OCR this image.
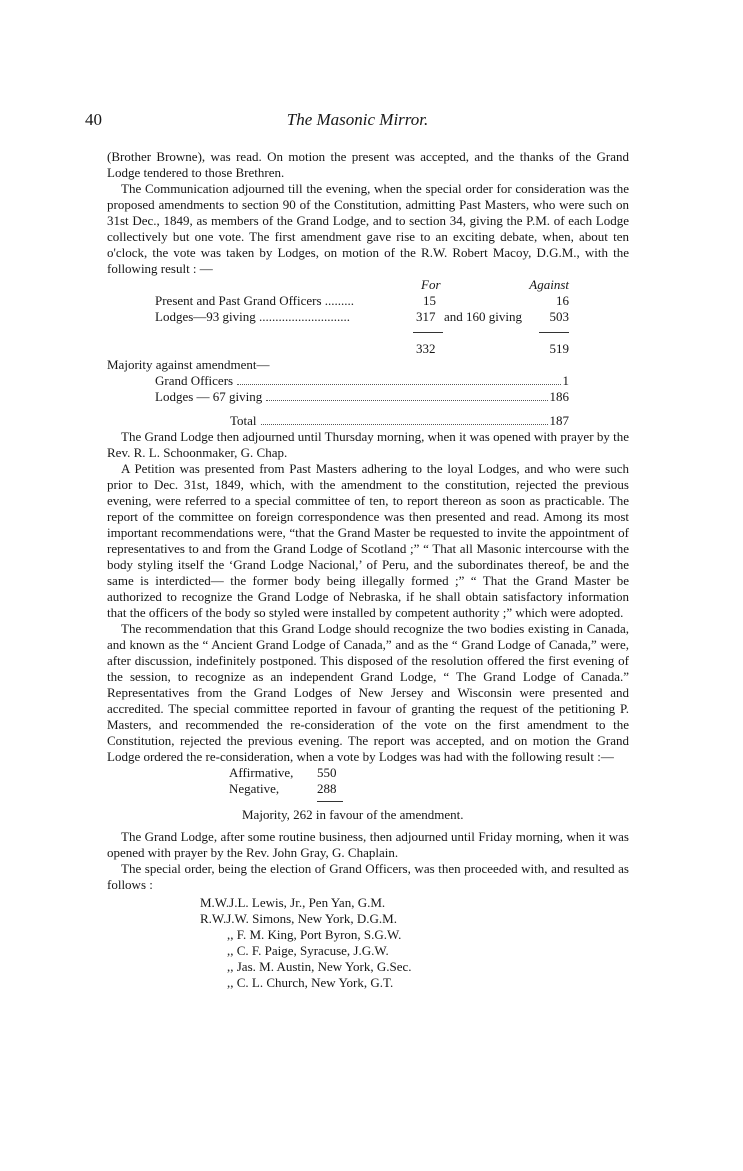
40	The Masonic Mirror.

(Brother Browne), was read. On motion the present was accepted, and the thanks of the Grand Lodge tendered to those Brethren.

The Communication adjourned till the evening, when the special order for consideration was the proposed amendments to section 90 of the Constitution, admitting Past Masters, who were such on 31st Dec., 1849, as members of the Grand Lodge, and to section 34, giving the P.M. of each Lodge collectively but one vote. The first amendment gave rise to an exciting debate, when, about ten o'clock, the vote was taken by Lodges, on motion of the R.W. Robert Macoy, D.G.M., with the following result : —

For	Against
Present and Past Grand Officers .........	15	16
Lodges—93 giving ............................	317 and 160 giving 503
332	519
Majority against amendment—
Grand Officers	1
Lodges — 67 giving	186
Total	187

The Grand Lodge then adjourned until Thursday morning, when it was opened with prayer by the Rev. R. L. Schoonmaker, G. Chap.

A Petition was presented from Past Masters adhering to the loyal Lodges, and who were such prior to Dec. 31st, 1849, which, with the amendment to the constitution, rejected the previous evening, were referred to a special committee of ten, to report thereon as soon as practicable. The report of the committee on foreign correspondence was then presented and read. Among its most important recommendations were, “that the Grand Master be requested to invite the appointment of representatives to and from the Grand Lodge of Scotland ;” “ That all Masonic intercourse with the body styling itself the ‘Grand Lodge Nacional,’ of Peru, and the subordinates thereof, be and the same is interdicted— the former body being illegally formed ;” “ That the Grand Master be authorized to recognize the Grand Lodge of Nebraska, if he shall obtain satisfactory information that the officers of the body so styled were installed by competent authority ;” which were adopted.

The recommendation that this Grand Lodge should recognize the two bodies existing in Canada, and known as the “ Ancient Grand Lodge of Canada,” and as the “ Grand Lodge of Canada,” were, after discussion, indefinitely postponed. This disposed of the resolution offered the first evening of the session, to recognize as an independent Grand Lodge, “ The Grand Lodge of Canada.” Representatives from the Grand Lodges of New Jersey and Wisconsin were presented and accredited. The special committee reported in favour of granting the request of the petitioning P. Masters, and recommended the re-consideration of the vote on the first amendment to the Constitution, rejected the previous evening. The report was accepted, and on motion the Grand Lodge ordered the re-consideration, when a vote by Lodges was had with the following result :—

Affirmative, 550
Negative,	288
Majority, 262 in favour of the amendment.

The Grand Lodge, after some routine business, then adjourned until Friday morning, when it was opened with prayer by the Rev. John Gray, G. Chaplain.

The special order, being the election of Grand Officers, was then proceeded with, and resulted as follows :

M.W.J.L. Lewis, Jr., Pen Yan, G.M.
R.W.J.W. Simons, New York, D.G.M.
,, F. M. King, Port Byron, S.G.W.
,, C. F. Paige, Syracuse, J.G.W.
,, Jas. M. Austin, New York, G.Sec.
,, C. L. Church, New York, G.T.
